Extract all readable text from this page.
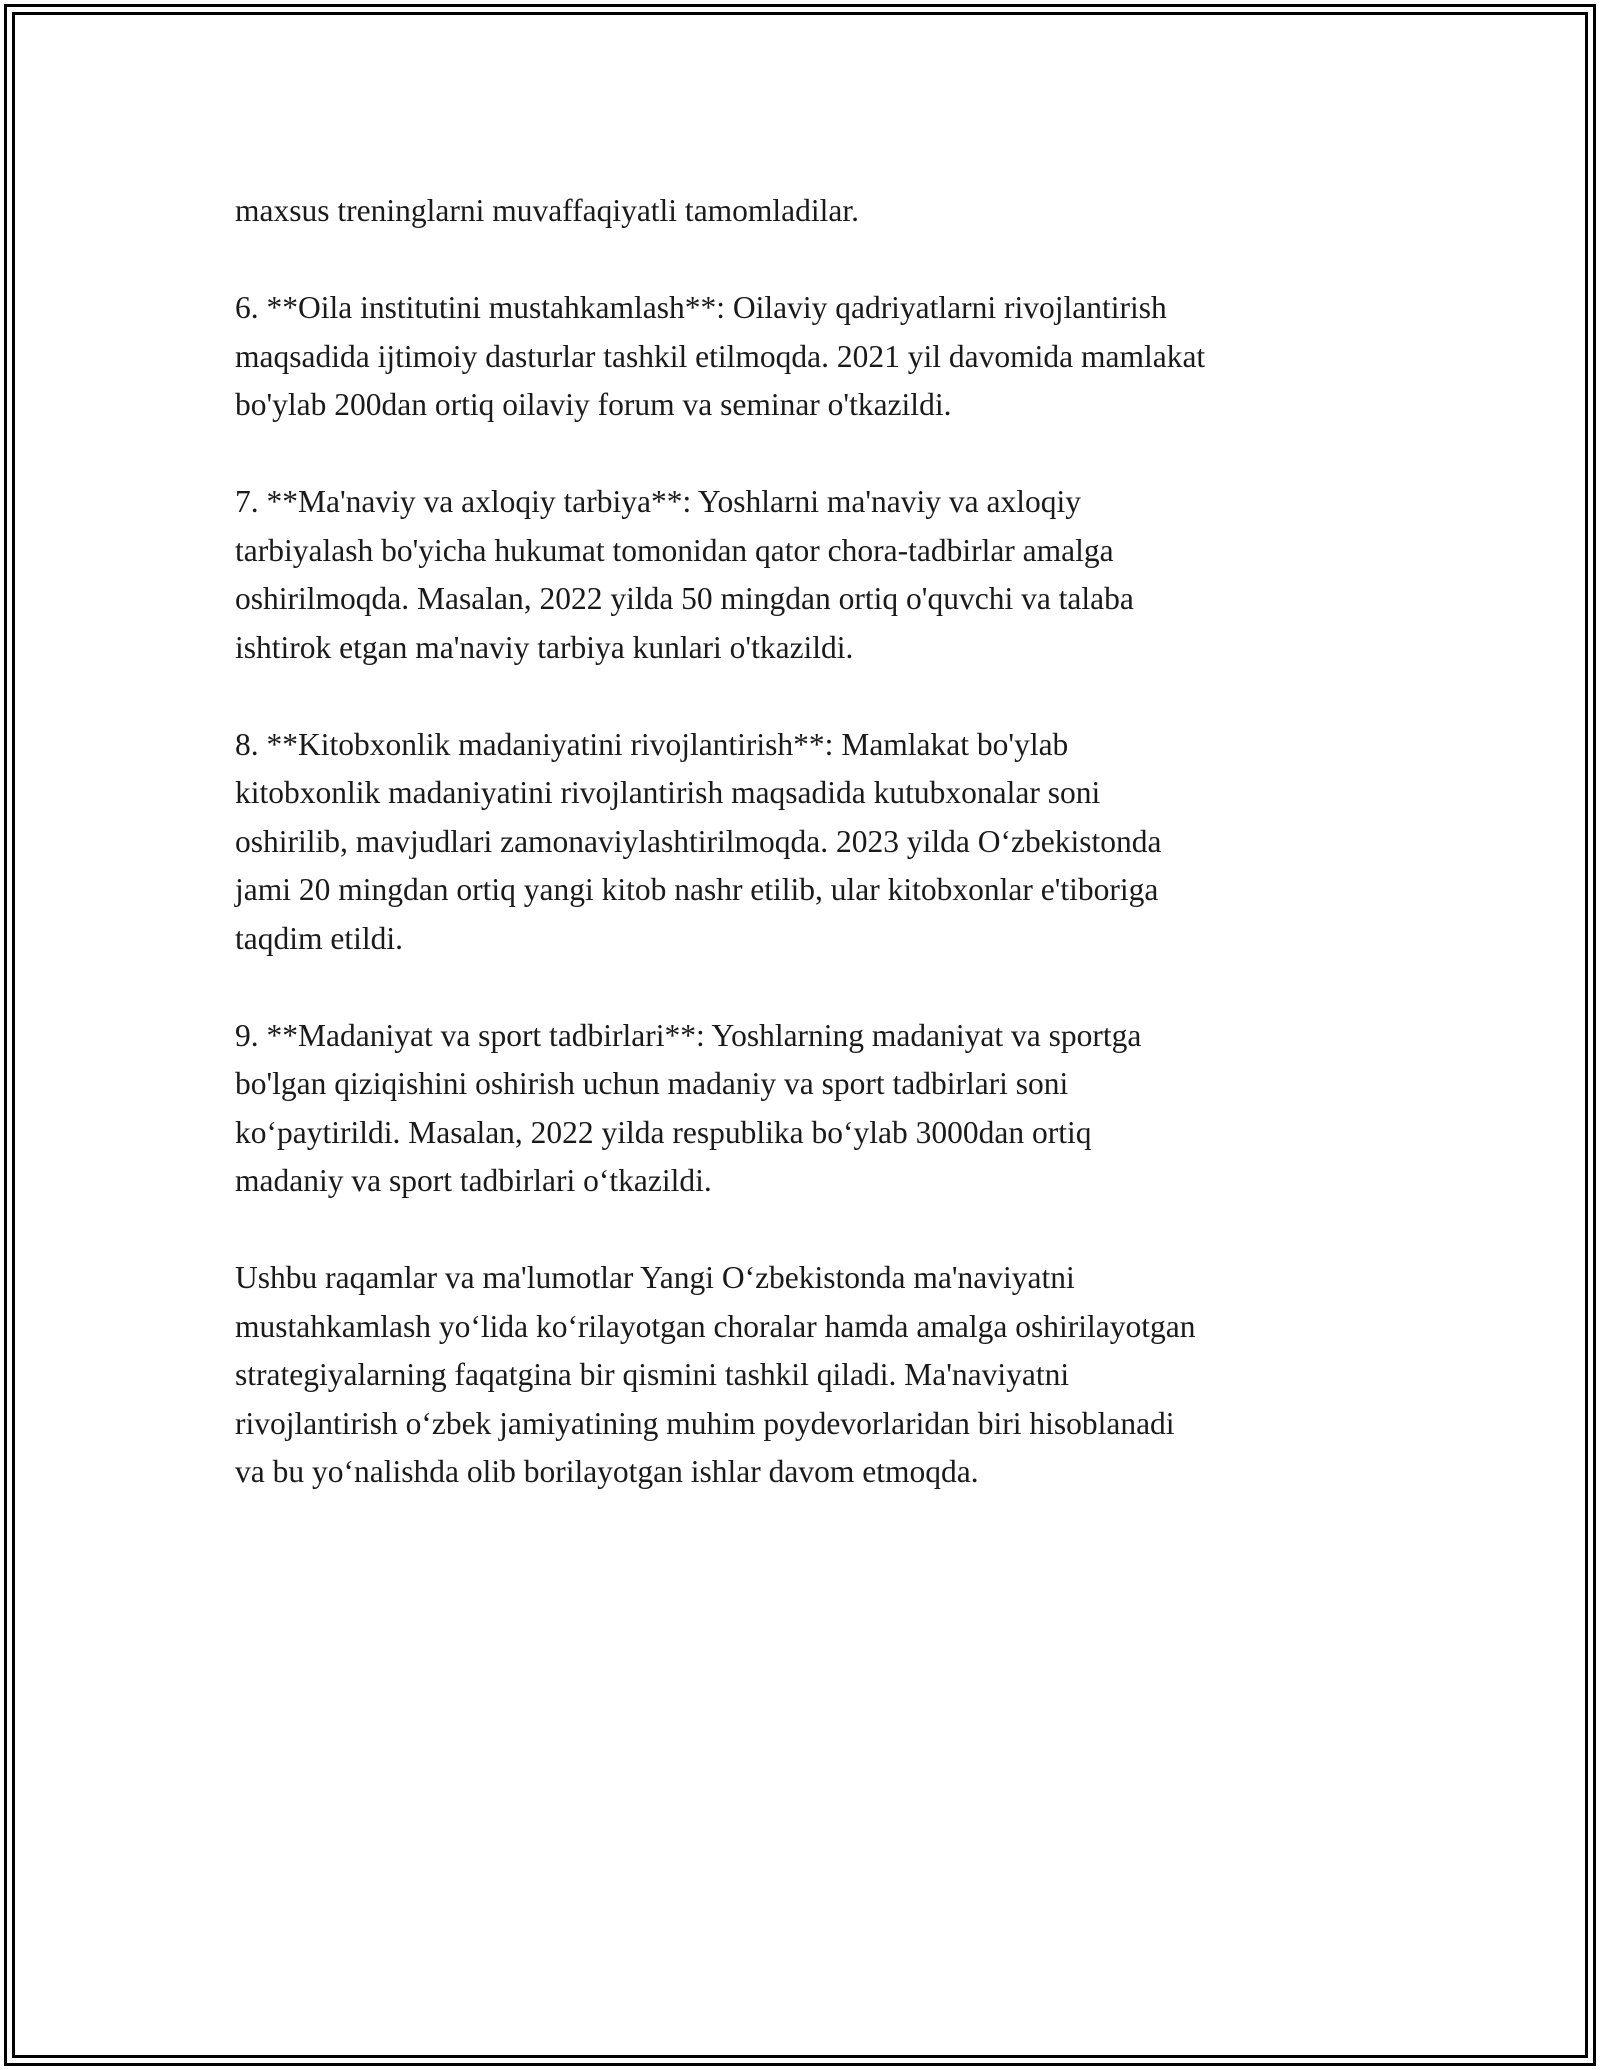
maxsus treninglarni muvaffaqiyatli tamomladilar.

6. **Oila institutini mustahkamlash**: Oilaviy qadriyatlarni rivojlantirish
maqsadida ijtimoiy dasturlar tashkil etilmoqda. 2021 yil davomida mamlakat
bo'ylab 200dan ortiq oilaviy forum va seminar o'tkazildi.

7. **Ma'naviy va axloqiy tarbiya**: Yoshlarni ma'naviy va axloqiy
tarbiyalash bo'yicha hukumat tomonidan qator chora-tadbirlar amalga
oshirilmoqda. Masalan, 2022 yilda 50 mingdan ortiq o'quvchi va talaba
ishtirok etgan ma'naviy tarbiya kunlari o'tkazildi.

8. **Kitobxonlik madaniyatini rivojlantirish**: Mamlakat bo'ylab
kitobxonlik madaniyatini rivojlantirish maqsadida kutubxonalar soni
oshirilib, mavjudlari zamonaviylashtirilmoqda. 2023 yilda O‘zbekistonda
jami 20 mingdan ortiq yangi kitob nashr etilib, ular kitobxonlar e'tiboriga
taqdim etildi.

9. **Madaniyat va sport tadbirlari**: Yoshlarning madaniyat va sportga
bo'lgan qiziqishini oshirish uchun madaniy va sport tadbirlari soni
ko‘paytirildi. Masalan, 2022 yilda respublika bo‘ylab 3000dan ortiq
madaniy va sport tadbirlari o‘tkazildi.

Ushbu raqamlar va ma'lumotlar Yangi O‘zbekistonda ma'naviyatni
mustahkamlash yo‘lida ko‘rilayotgan choralar hamda amalga oshirilayotgan
strategiyalarning faqatgina bir qismini tashkil qiladi. Ma'naviyatni
rivojlantirish o‘zbek jamiyatining muhim poydevorlaridan biri hisoblanadi
va bu yo‘nalishda olib borilayotgan ishlar davom etmoqda.
